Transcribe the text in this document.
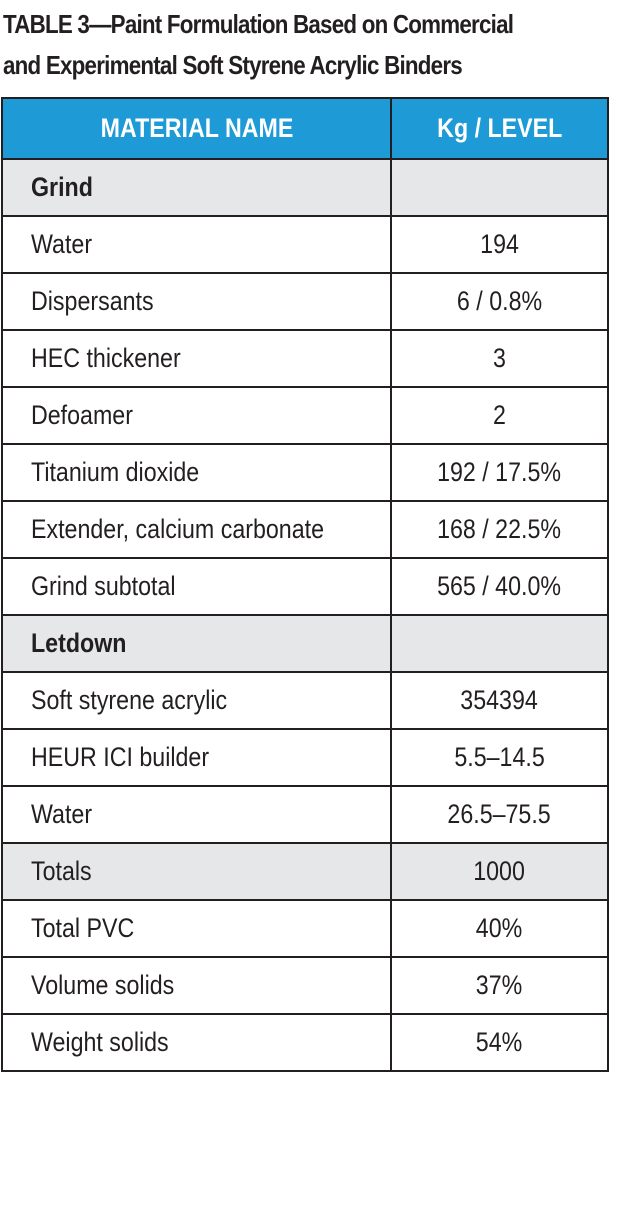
TABLE 3—Paint Formulation Based on Commercial
and Experimental Soft Styrene Acrylic Binders
MATERIAL NAME	Kg / LEVEL
Grind	
Water	194
Dispersants	6 / 0.8%
HEC thickener	3
Defoamer	2
Titanium dioxide	192 / 17.5%
Extender, calcium carbonate	168 / 22.5%
Grind subtotal	565 / 40.0%
Letdown	
Soft styrene acrylic	354394
HEUR ICI builder	5.5–14.5
Water	26.5–75.5
Totals	1000
Total PVC	40%
Volume solids	37%
Weight solids	54%
